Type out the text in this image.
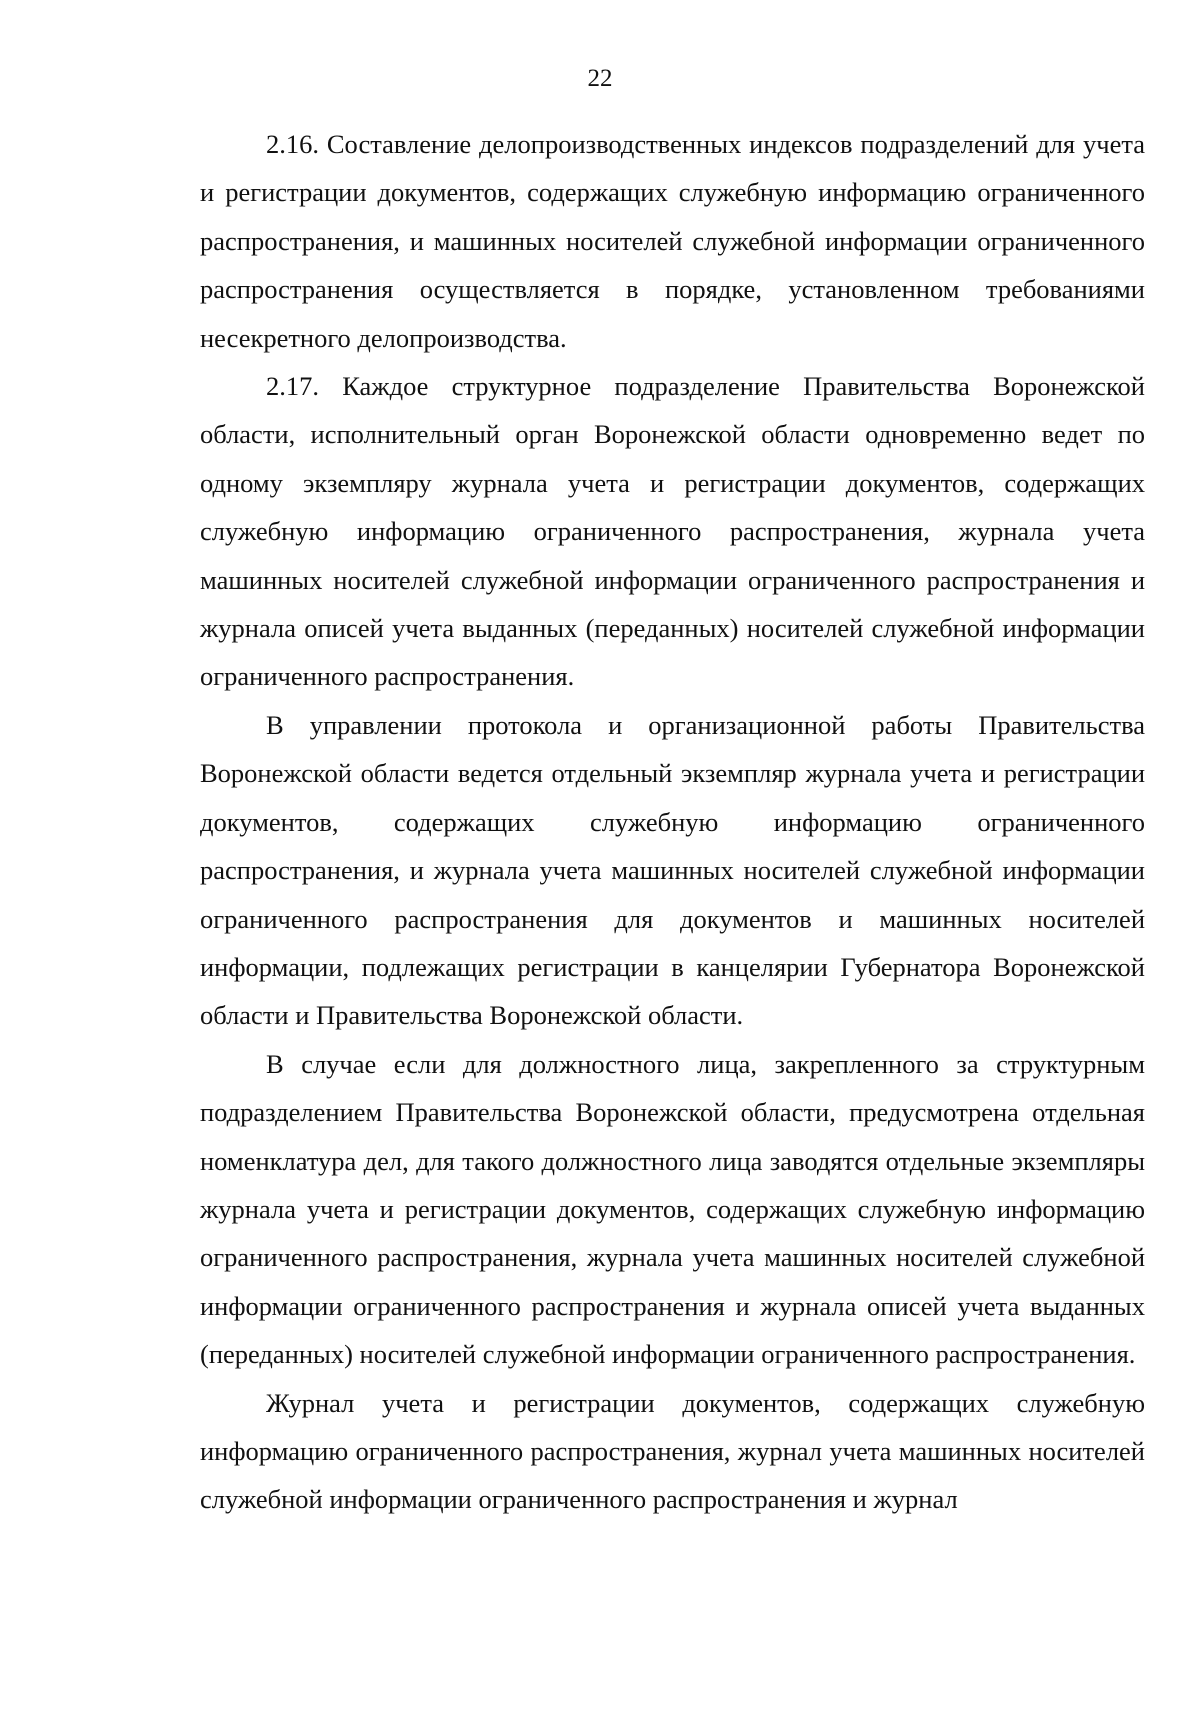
22

2.16. Составление делопроизводственных индексов подразделений для учета и регистрации документов, содержащих служебную информацию ограниченного распространения, и машинных носителей служебной информации ограниченного распространения осуществляется в порядке, установленном требованиями несекретного делопроизводства.

2.17. Каждое структурное подразделение Правительства Воронежской области, исполнительный орган Воронежской области одновременно ведет по одному экземпляру журнала учета и регистрации документов, содержащих служебную информацию ограниченного распространения, журнала учета машинных носителей служебной информации ограниченного распространения и журнала описей учета выданных (переданных) носителей служебной информации ограниченного распространения.

В управлении протокола и организационной работы Правительства Воронежской области ведется отдельный экземпляр журнала учета и регистрации документов, содержащих служебную информацию ограниченного распространения, и журнала учета машинных носителей служебной информации ограниченного распространения для документов и машинных носителей информации, подлежащих регистрации в канцелярии Губернатора Воронежской области и Правительства Воронежской области.

В случае если для должностного лица, закрепленного за структурным подразделением Правительства Воронежской области, предусмотрена отдельная номенклатура дел, для такого должностного лица заводятся отдельные экземпляры журнала учета и регистрации документов, содержащих служебную информацию ограниченного распространения, журнала учета машинных носителей служебной информации ограниченного распространения и журнала описей учета выданных (переданных) носителей служебной информации ограниченного распространения.

Журнал учета и регистрации документов, содержащих служебную информацию ограниченного распространения, журнал учета машинных носителей служебной информации ограниченного распространения и журнал
